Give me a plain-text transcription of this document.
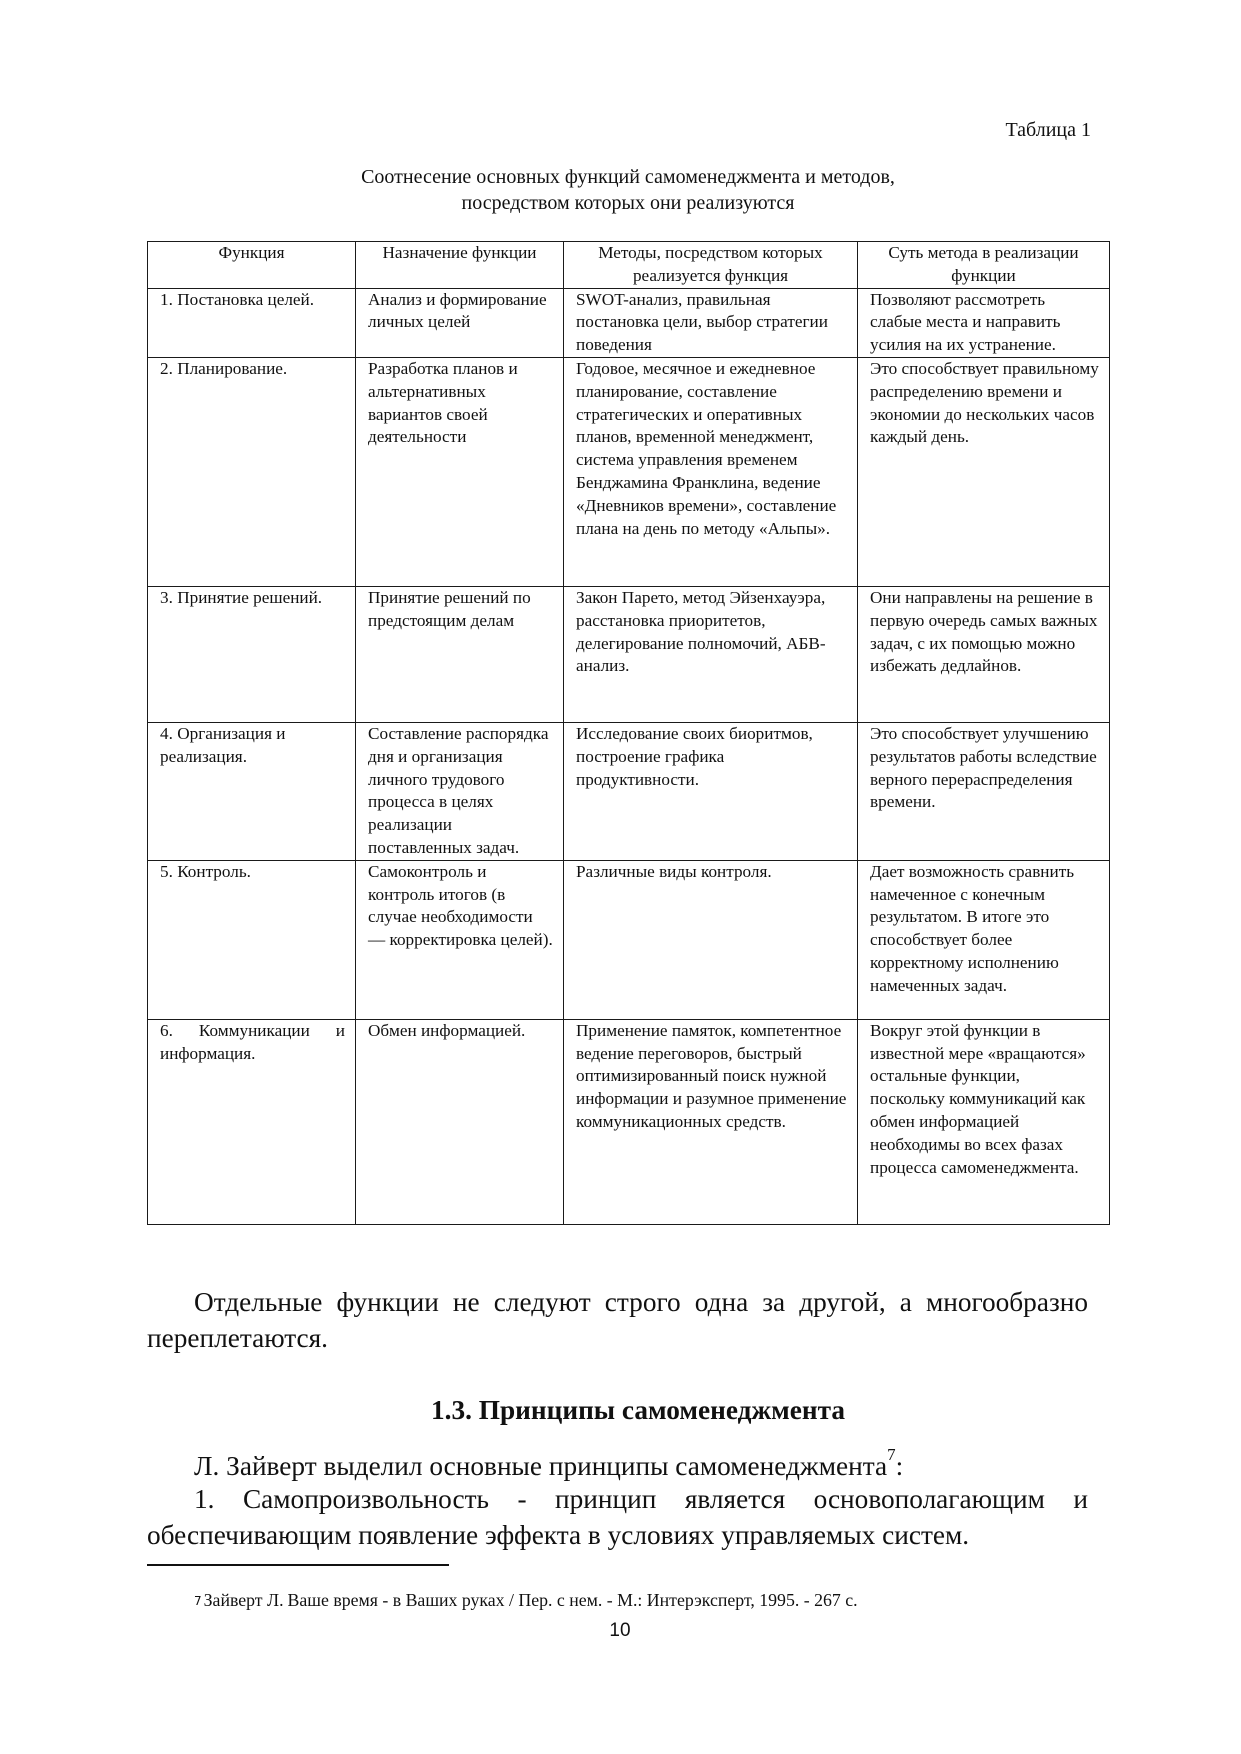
Таблица 1
Соотнесение основных функций самоменеджмента и методов,
посредством которых они реализуются
Функция	Назначение функции	Методы, посредством которых реализуется функция	Суть метода в реализации функции
1. Постановка целей.	Анализ и формирование личных целей	SWOT-анализ, правильная постановка цели, выбор стратегии поведения	Позволяют рассмотреть слабые места и направить усилия на их устранение.
2. Планирование.	Разработка планов и альтернативных вариантов своей деятельности	Годовое, месячное и ежедневное планирование, составление стратегических и оперативных планов, временной менеджмент, система управления временем Бенджамина Франклина, ведение «Дневников времени», составление плана на день по методу «Альпы».	Это способствует правильному распределению времени и экономии до нескольких часов каждый день.
3. Принятие решений.	Принятие решений по предстоящим делам	Закон Парето, метод Эйзенхауэра, расстановка приоритетов, делегирование полномочий, АБВ-анализ.	Они направлены на решение в первую очередь самых важных задач, с их помощью можно избежать дедлайнов.
4. Организация и реализация.	Составление распорядка дня и организация личного трудового процесса в целях реализации поставленных задач.	Исследование своих биоритмов, построение графика продуктивности.	Это способствует улучшению результатов работы вследствие верного перераспределения времени.
5. Контроль.	Самоконтроль и контроль итогов (в случае необходимости — корректировка целей).	Различные виды контроля.	Дает возможность сравнить намеченное с конечным результатом. В итоге это способствует более корректному исполнению намеченных задач.
6. Коммуникации и информация.	Обмен информацией.	Применение памяток, компетентное ведение переговоров, быстрый оптимизированный поиск нужной информации и разумное применение коммуникационных средств.	Вокруг этой функции в известной мере «вращаются» остальные функции, поскольку коммуникаций как обмен информацией необходимы во всех фазах процесса самоменеджмента.

Отдельные функции не следуют строго одна за другой, а многообразно переплетаются.

1.3. Принципы самоменеджмента

Л. Зайверт выделил основные принципы самоменеджмента$^7$:

1. Самопроизвольность - принцип является основополагающим и обеспечивающим появление эффекта в условиях управляемых систем.

$^7$ Зайверт Л. Ваше время - в Ваших руках / Пер. с нем. - М.: Интерэксперт, 1995. - 267 с.
10
